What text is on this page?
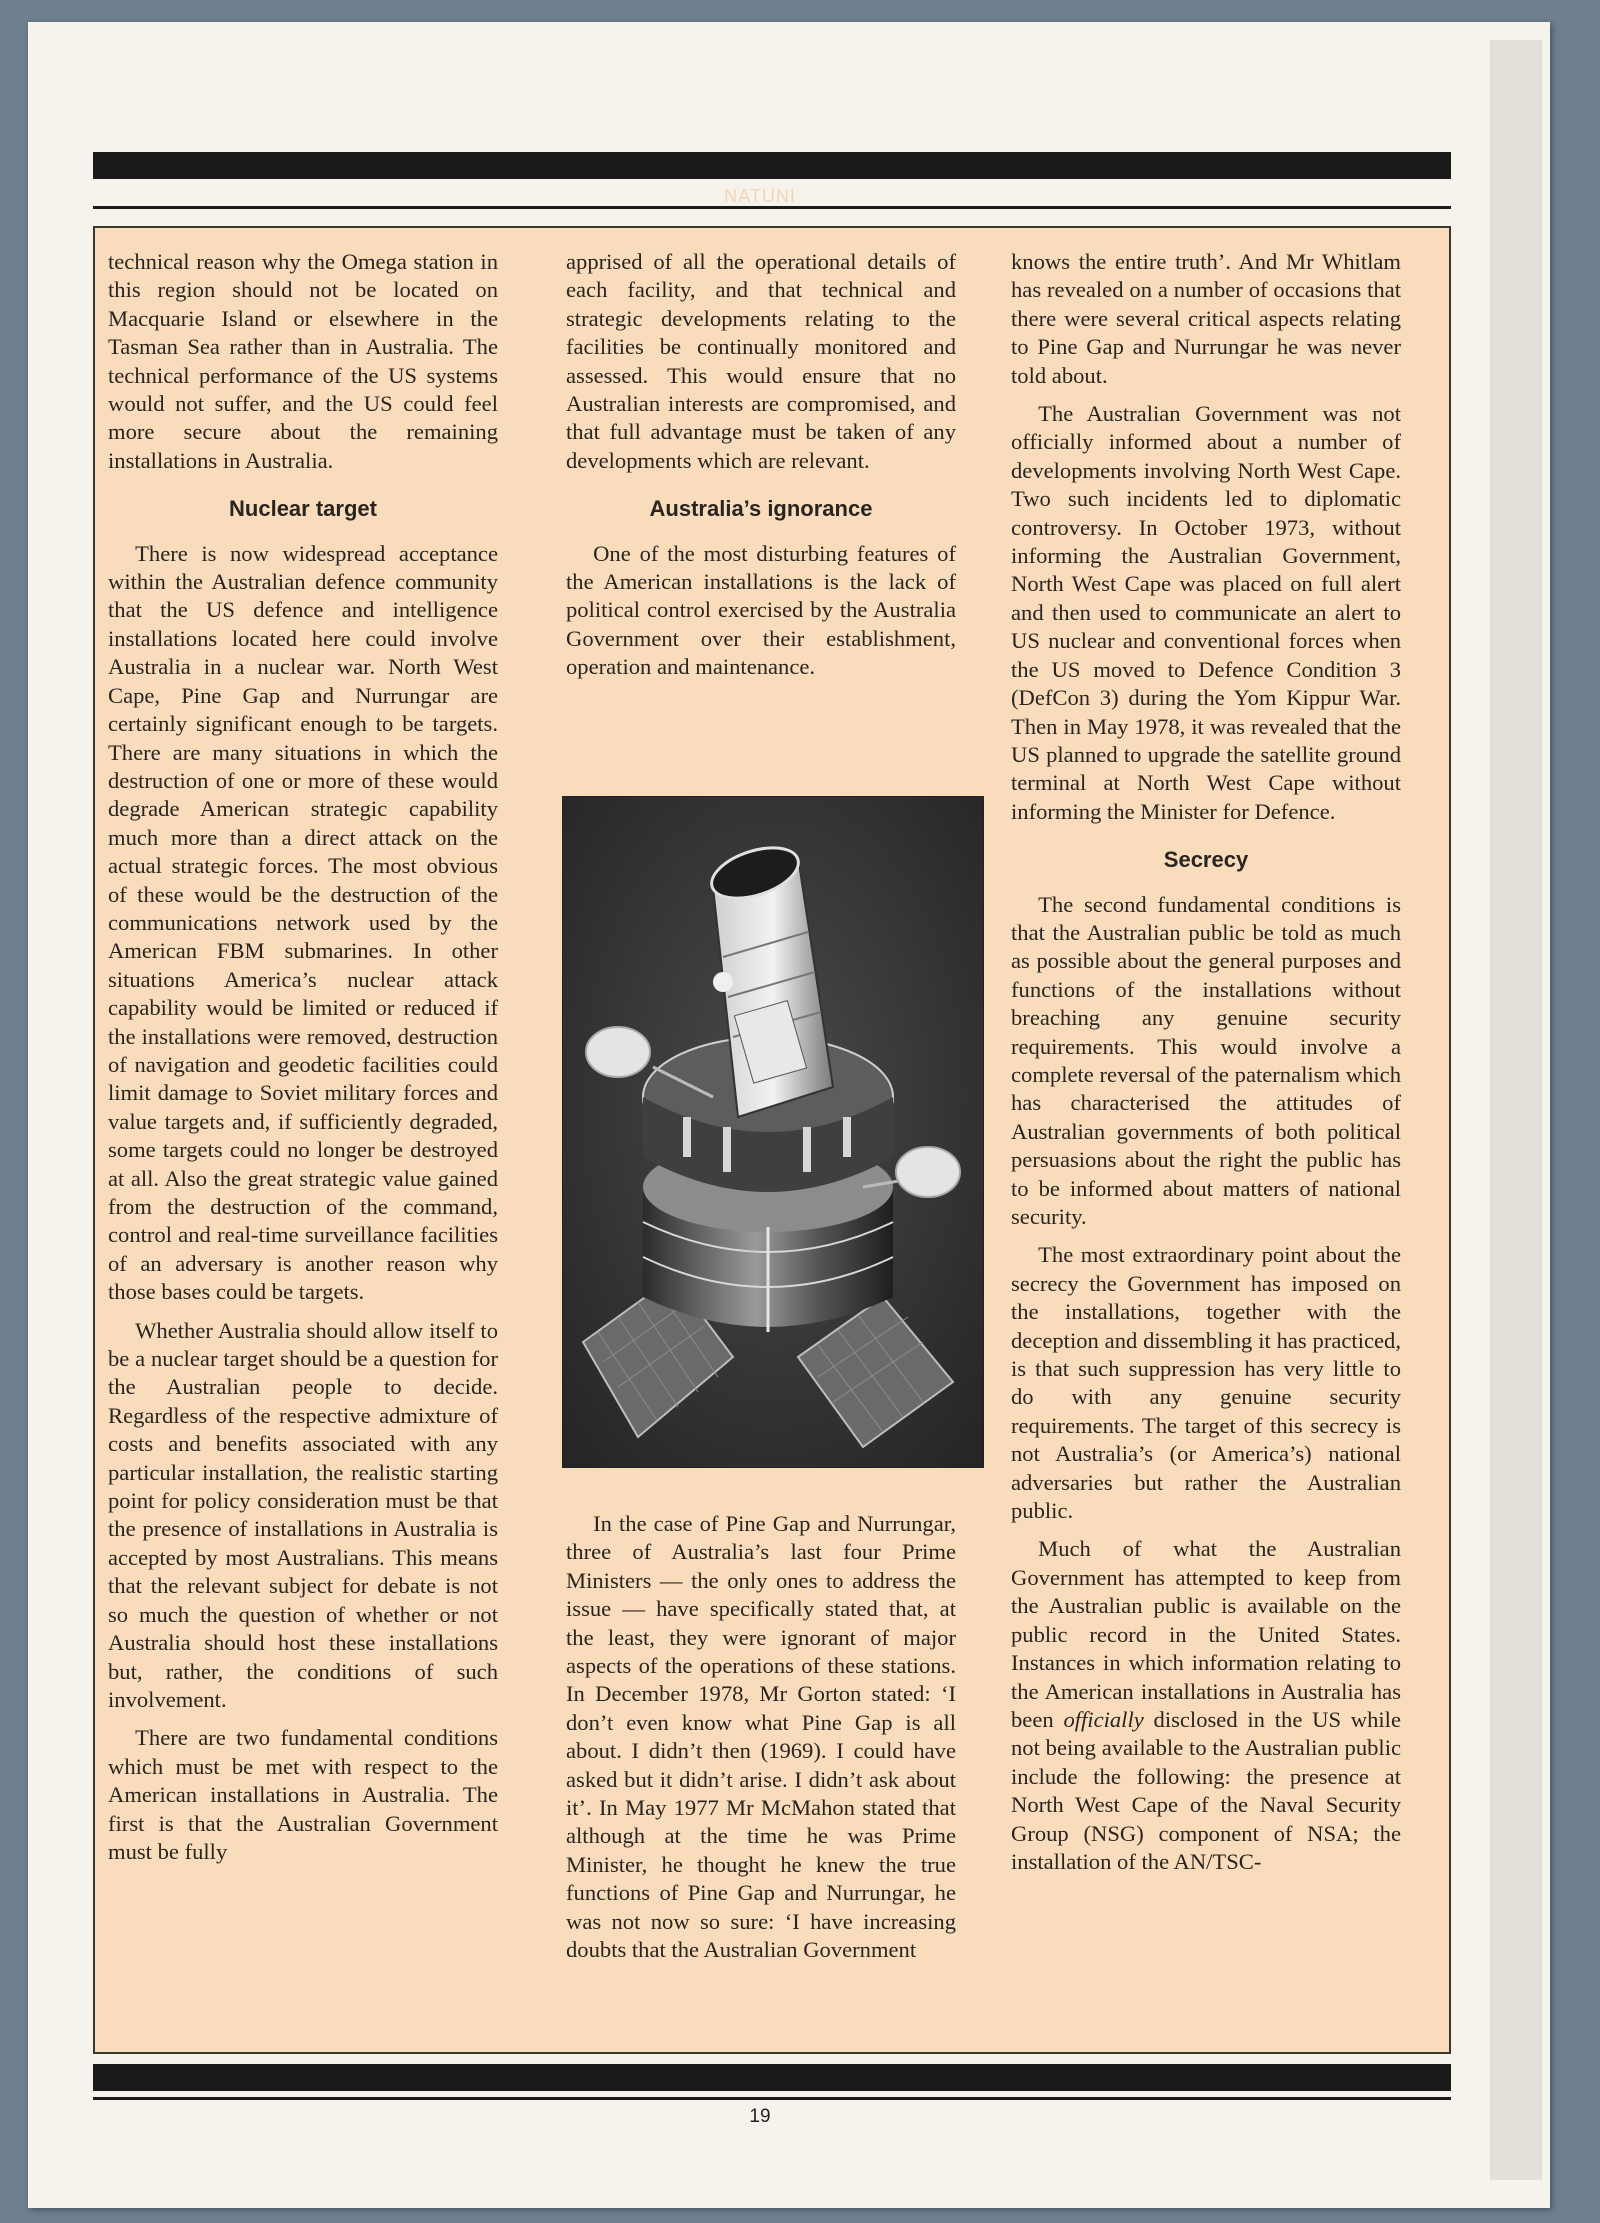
NATUNI

technical reason why the Omega station in this region should not be located on Macquarie Island or elsewhere in the Tasman Sea rather than in Australia. The technical performance of the US systems would not suffer, and the US could feel more secure about the remaining installations in Australia.

Nuclear target

There is now widespread acceptance within the Australian defence community that the US defence and intelligence installations located here could involve Australia in a nuclear war. North West Cape, Pine Gap and Nurrungar are certainly significant enough to be targets. There are many situations in which the destruction of one or more of these would degrade American strategic capability much more than a direct attack on the actual strategic forces. The most obvious of these would be the destruction of the communications network used by the American FBM submarines. In other situations America’s nuclear attack capability would be limited or reduced if the installations were removed, destruction of navigation and geodetic facilities could limit damage to Soviet military forces and value targets and, if sufficiently degraded, some targets could no longer be destroyed at all. Also the great strategic value gained from the destruction of the command, control and real-time surveillance facilities of an adversary is another reason why those bases could be targets.

Whether Australia should allow itself to be a nuclear target should be a question for the Australian people to decide. Regardless of the respective admixture of costs and benefits associated with any particular installation, the realistic starting point for policy consideration must be that the presence of installations in Australia is accepted by most Australians. This means that the relevant subject for debate is not so much the question of whether or not Australia should host these installations but, rather, the conditions of such involvement.

There are two fundamental conditions which must be met with respect to the American installations in Australia. The first is that the Australian Government must be fully

apprised of all the operational details of each facility, and that technical and strategic developments relating to the facilities be continually monitored and assessed. This would ensure that no Australian interests are compromised, and that full advantage must be taken of any developments which are relevant.

Australia’s ignorance

One of the most disturbing features of the American installations is the lack of political control exercised by the Australia Government over their establishment, operation and maintenance.

In the case of Pine Gap and Nurrungar, three of Australia’s last four Prime Ministers — the only ones to address the issue — have specifically stated that, at the least, they were ignorant of major aspects of the operations of these stations. In December 1978, Mr Gorton stated: ‘I don’t even know what Pine Gap is all about. I didn’t then (1969). I could have asked but it didn’t arise. I didn’t ask about it’. In May 1977 Mr McMahon stated that although at the time he was Prime Minister, he thought he knew the true functions of Pine Gap and Nurrungar, he was not now so sure: ‘I have increasing doubts that the Australian Government

knows the entire truth’. And Mr Whitlam has revealed on a number of occasions that there were several critical aspects relating to Pine Gap and Nurrungar he was never told about.

The Australian Government was not officially informed about a number of developments involving North West Cape. Two such incidents led to diplomatic controversy. In October 1973, without informing the Australian Government, North West Cape was placed on full alert and then used to communicate an alert to US nuclear and conventional forces when the US moved to Defence Condition 3 (DefCon 3) during the Yom Kippur War. Then in May 1978, it was revealed that the US planned to upgrade the satellite ground terminal at North West Cape without informing the Minister for Defence.

Secrecy

The second fundamental conditions is that the Australian public be told as much as possible about the general purposes and functions of the installations without breaching any genuine security requirements. This would involve a complete reversal of the paternalism which has characterised the attitudes of Australian governments of both political persuasions about the right the public has to be informed about matters of national security.

The most extraordinary point about the secrecy the Government has imposed on the installations, together with the deception and dissembling it has practiced, is that such suppression has very little to do with any genuine security requirements. The target of this secrecy is not Australia’s (or America’s) national adversaries but rather the Australian public.

Much of what the Australian Government has attempted to keep from the Australian public is available on the public record in the United States. Instances in which information relating to the American installations in Australia has been officially disclosed in the US while not being available to the Australian public include the following: the presence at North West Cape of the Naval Security Group (NSG) component of NSA; the installation of the AN/TSC-

19
